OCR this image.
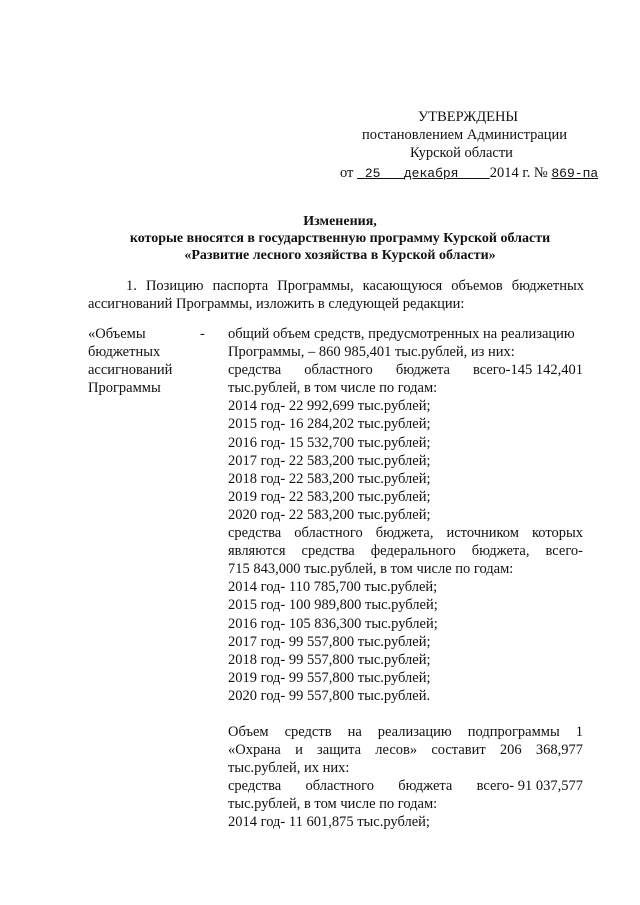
УТВЕРЖДЕНЫ
постановлением Администрации
Курской области
от 25 декабря 2014 г. № 869-па
Изменения,
которые вносятся в государственную программу Курской области
«Развитие лесного хозяйства в Курской области»
1. Позицию паспорта Программы, касающуюся объемов бюджетных ассигнований Программы, изложить в следующей редакции:
«Объемы
бюджетных
ассигнований
Программы
- общий объем средств, предусмотренных на реализацию
Программы, – 860 985,401 тыс.рублей, из них:
средства областного бюджета всего-145 142,401
тыс.рублей, в том числе по годам:
2014 год- 22 992,699 тыс.рублей;
2015 год- 16 284,202 тыс.рублей;
2016 год- 15 532,700 тыс.рублей;
2017 год- 22 583,200 тыс.рублей;
2018 год- 22 583,200 тыс.рублей;
2019 год- 22 583,200 тыс.рублей;
2020 год- 22 583,200 тыс.рублей;
средства областного бюджета, источником которых
являются средства федерального бюджета, всего-
715 843,000 тыс.рублей, в том числе по годам:
2014 год- 110 785,700 тыс.рублей;
2015 год- 100 989,800 тыс.рублей;
2016 год- 105 836,300 тыс.рублей;
2017 год- 99 557,800 тыс.рублей;
2018 год- 99 557,800 тыс.рублей;
2019 год- 99 557,800 тыс.рублей;
2020 год- 99 557,800 тыс.рублей.
Объем средств на реализацию подпрограммы 1
«Охрана и защита лесов» составит 206 368,977
тыс.рублей, их них:
средства областного бюджета всего- 91 037,577
тыс.рублей, в том числе по годам:
2014 год- 11 601,875 тыс.рублей;
